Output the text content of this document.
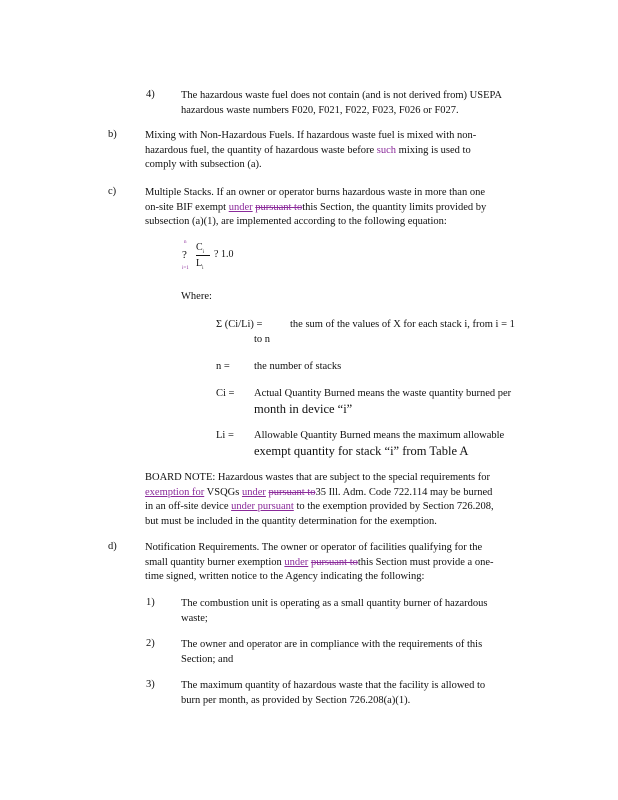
4)	The hazardous waste fuel does not contain (and is not derived from) USEPA
hazardous waste numbers F020, F021, F022, F023, F026 or F027.
b)	Mixing with Non-Hazardous Fuels. If hazardous waste fuel is mixed with non-
hazardous fuel, the quantity of hazardous waste before such mixing is used to
comply with subsection (a).
c)	Multiple Stacks. If an owner or operator burns hazardous waste in more than one
on-site BIF exempt under pursuant tothis Section, the quantity limits provided by
subsection (a)(1), are implemented according to the following equation:
n
?
i=1
$C_i$
$L_i$
? 1.0
Where:
Σ (Ci/Li) =	the sum of the values of X for each stack i, from i = 1
to n
n = the number of stacks
Ci = Actual Quantity Burned means the waste quantity burned per
month in device “i”
Li = Allowable Quantity Burned means the maximum allowable
exempt quantity for stack “i” from Table A
BOARD NOTE: Hazardous wastes that are subject to the special requirements for
exemption for VSQGs under pursuant to35 Ill. Adm. Code 722.114 may be burned
in an off-site device under pursuant to the exemption provided by Section 726.208,
but must be included in the quantity determination for the exemption.
d)	Notification Requirements. The owner or operator of facilities qualifying for the
small quantity burner exemption under pursuant tothis Section must provide a one-
time signed, written notice to the Agency indicating the following:
1)	The combustion unit is operating as a small quantity burner of hazardous
waste;
2)	The owner and operator are in compliance with the requirements of this
Section; and
3)	The maximum quantity of hazardous waste that the facility is allowed to
burn per month, as provided by Section 726.208(a)(1).
